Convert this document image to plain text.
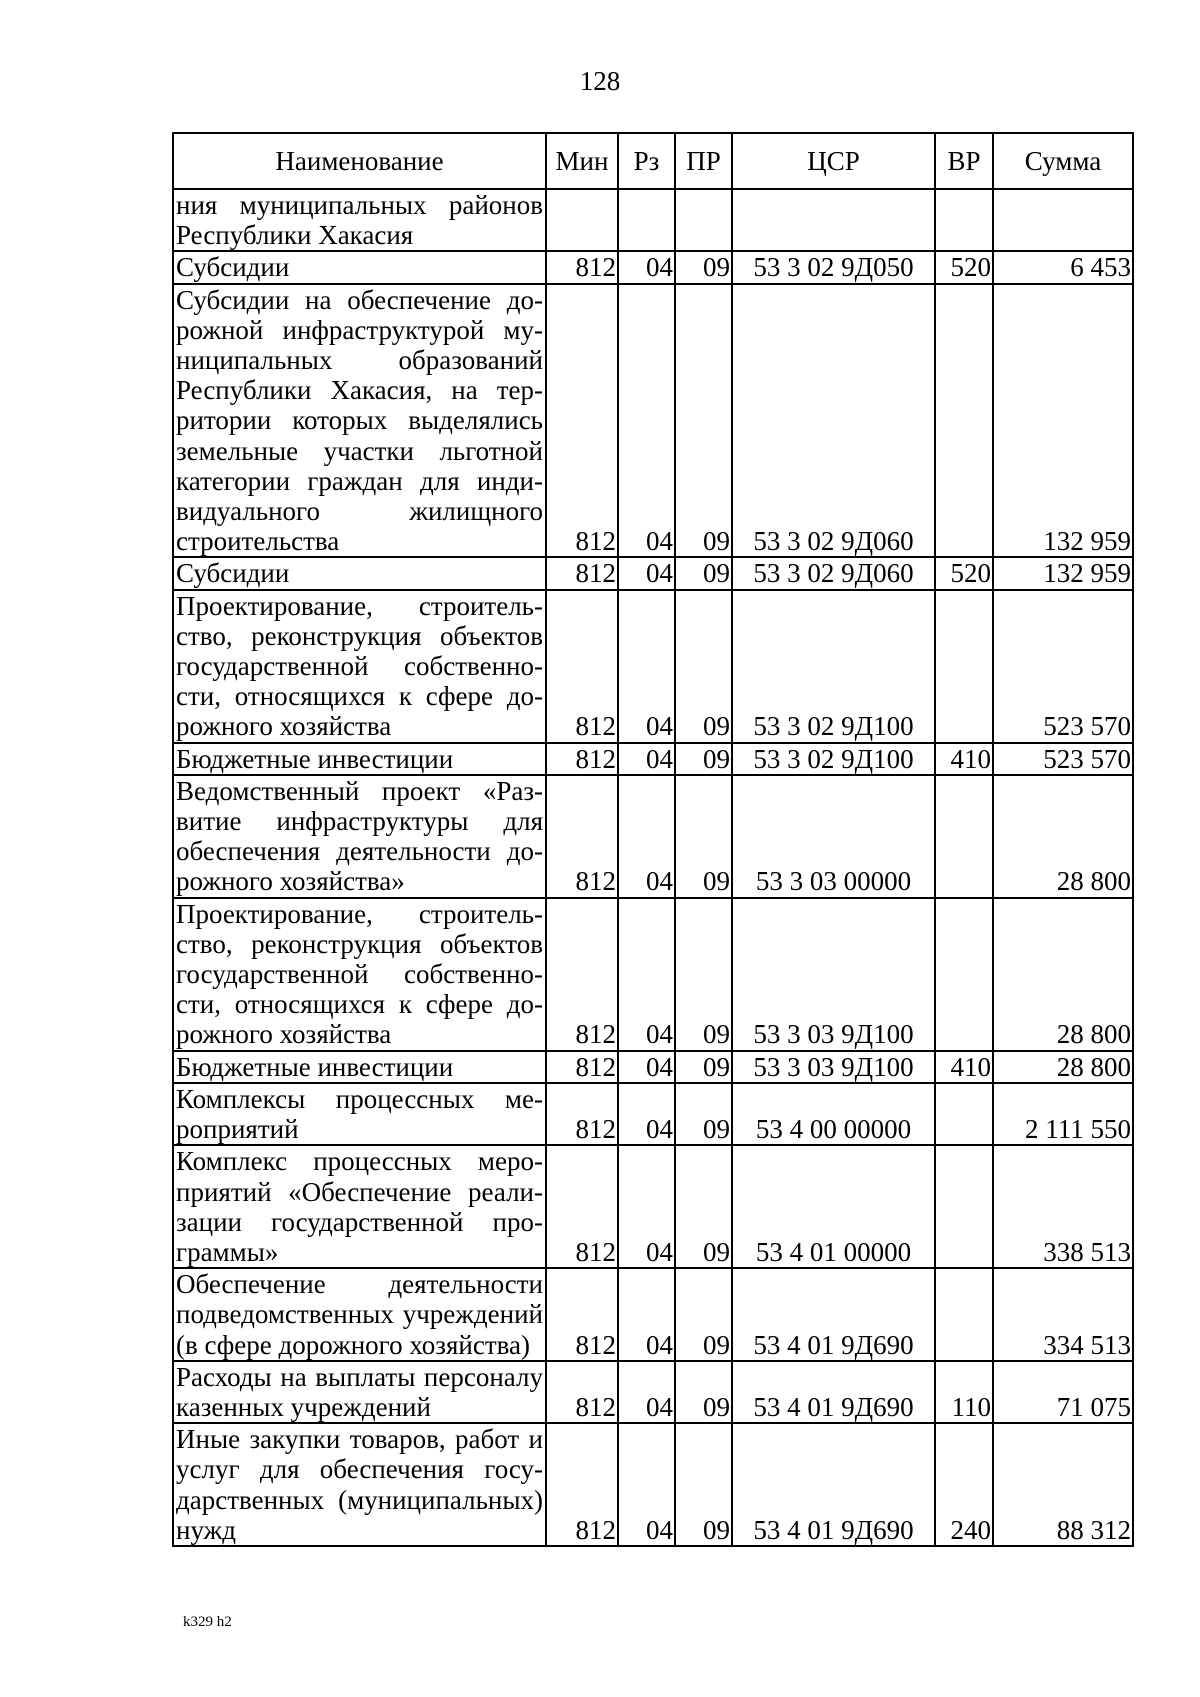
128
Наименование	Мин	Рз	ПР	ЦСР	ВР	Сумма
ния муниципальных районов Республики Хакасия						
Субсидии	812	04	09	53 3 02 9Д050	520	6 453
Субсидии на обеспечение дорожной инфраструктурой муниципальных образований Республики Хакасия, на территории которых выделялись земельные участки льготной категории граждан для индивидуального жилищного строительства	812	04	09	53 3 02 9Д060		132 959
Субсидии	812	04	09	53 3 02 9Д060	520	132 959
Проектирование, строительство, реконструкция объектов государственной собственности, относящихся к сфере дорожного хозяйства	812	04	09	53 3 02 9Д100		523 570
Бюджетные инвестиции	812	04	09	53 3 02 9Д100	410	523 570
Ведомственный проект «Развитие инфраструктуры для обеспечения деятельности дорожного хозяйства»	812	04	09	53 3 03 00000		28 800
Проектирование, строительство, реконструкция объектов государственной собственности, относящихся к сфере дорожного хозяйства	812	04	09	53 3 03 9Д100		28 800
Бюджетные инвестиции	812	04	09	53 3 03 9Д100	410	28 800
Комплексы процессных мероприятий	812	04	09	53 4 00 00000		2 111 550
Комплекс процессных мероприятий «Обеспечение реализации государственной программы»	812	04	09	53 4 01 00000		338 513
Обеспечение деятельности подведомственных учреждений (в сфере дорожного хозяйства)	812	04	09	53 4 01 9Д690		334 513
Расходы на выплаты персоналу казенных учреждений	812	04	09	53 4 01 9Д690	110	71 075
Иные закупки товаров, работ и услуг для обеспечения государственных (муниципальных) нужд	812	04	09	53 4 01 9Д690	240	88 312
k329 h2
